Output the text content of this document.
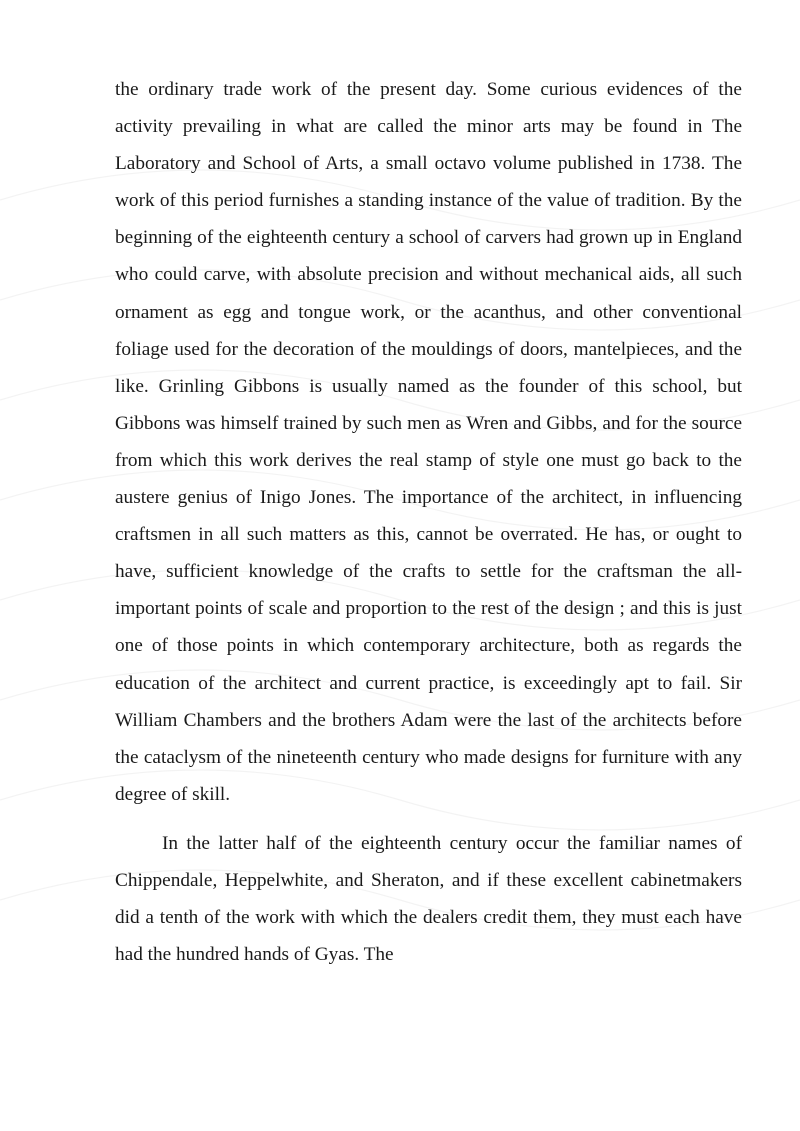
the ordinary trade work of the present day. Some curious evidences of the activity prevailing in what are called the minor arts may be found in The Laboratory and School of Arts, a small octavo volume published in 1738. The work of this period furnishes a standing instance of the value of tradition. By the beginning of the eighteenth century a school of carvers had grown up in England who could carve, with absolute precision and without mechanical aids, all such ornament as egg and tongue work, or the acanthus, and other conventional foliage used for the decoration of the mouldings of doors, mantelpieces, and the like. Grinling Gibbons is usually named as the founder of this school, but Gibbons was himself trained by such men as Wren and Gibbs, and for the source from which this work derives the real stamp of style one must go back to the austere genius of Inigo Jones. The importance of the architect, in influencing craftsmen in all such matters as this, cannot be overrated. He has, or ought to have, sufficient knowledge of the crafts to settle for the craftsman the all-important points of scale and proportion to the rest of the design ; and this is just one of those points in which contemporary architecture, both as regards the education of the architect and current practice, is exceedingly apt to fail. Sir William Chambers and the brothers Adam were the last of the architects before the cataclysm of the nineteenth century who made designs for furniture with any degree of skill.

In the latter half of the eighteenth century occur the familiar names of Chippendale, Heppelwhite, and Sheraton, and if these excellent cabinetmakers did a tenth of the work with which the dealers credit them, they must each have had the hundred hands of Gyas. The
